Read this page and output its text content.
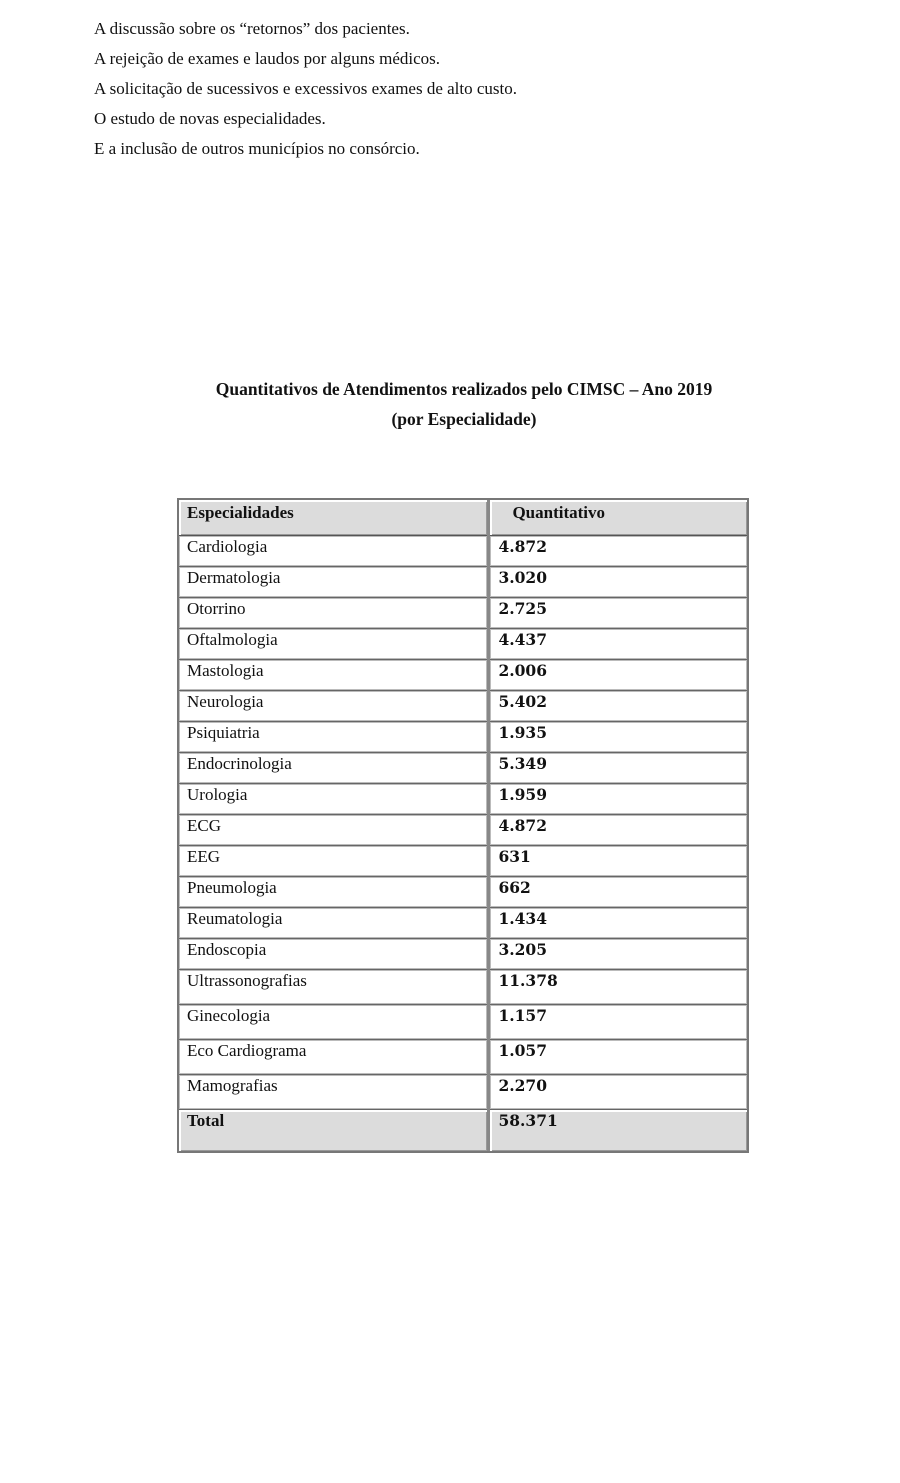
A discussão sobre os “retornos” dos pacientes.
A rejeição de exames e laudos por alguns médicos.
A solicitação de sucessivos e excessivos exames de alto custo.
O estudo de novas especialidades.
E a inclusão de outros municípios no consórcio.
Quantitativos de Atendimentos realizados pelo CIMSC – Ano 2019
(por Especialidade)
Especialidades	Quantitativo

Cardiologia	4.872

Dermatologia	3.020

Otorrino	2.725

Oftalmologia	4.437

Mastologia	2.006

Neurologia	5.402

Psiquiatria	1.935

Endocrinologia	5.349

Urologia	1.959

ECG	4.872

EEG	631

Pneumologia	662

Reumatologia	1.434

Endoscopia	3.205

Ultrassonografias	11.378

Ginecologia	1.157

Eco Cardiograma	1.057

Mamografias	2.270

Total	58.371
